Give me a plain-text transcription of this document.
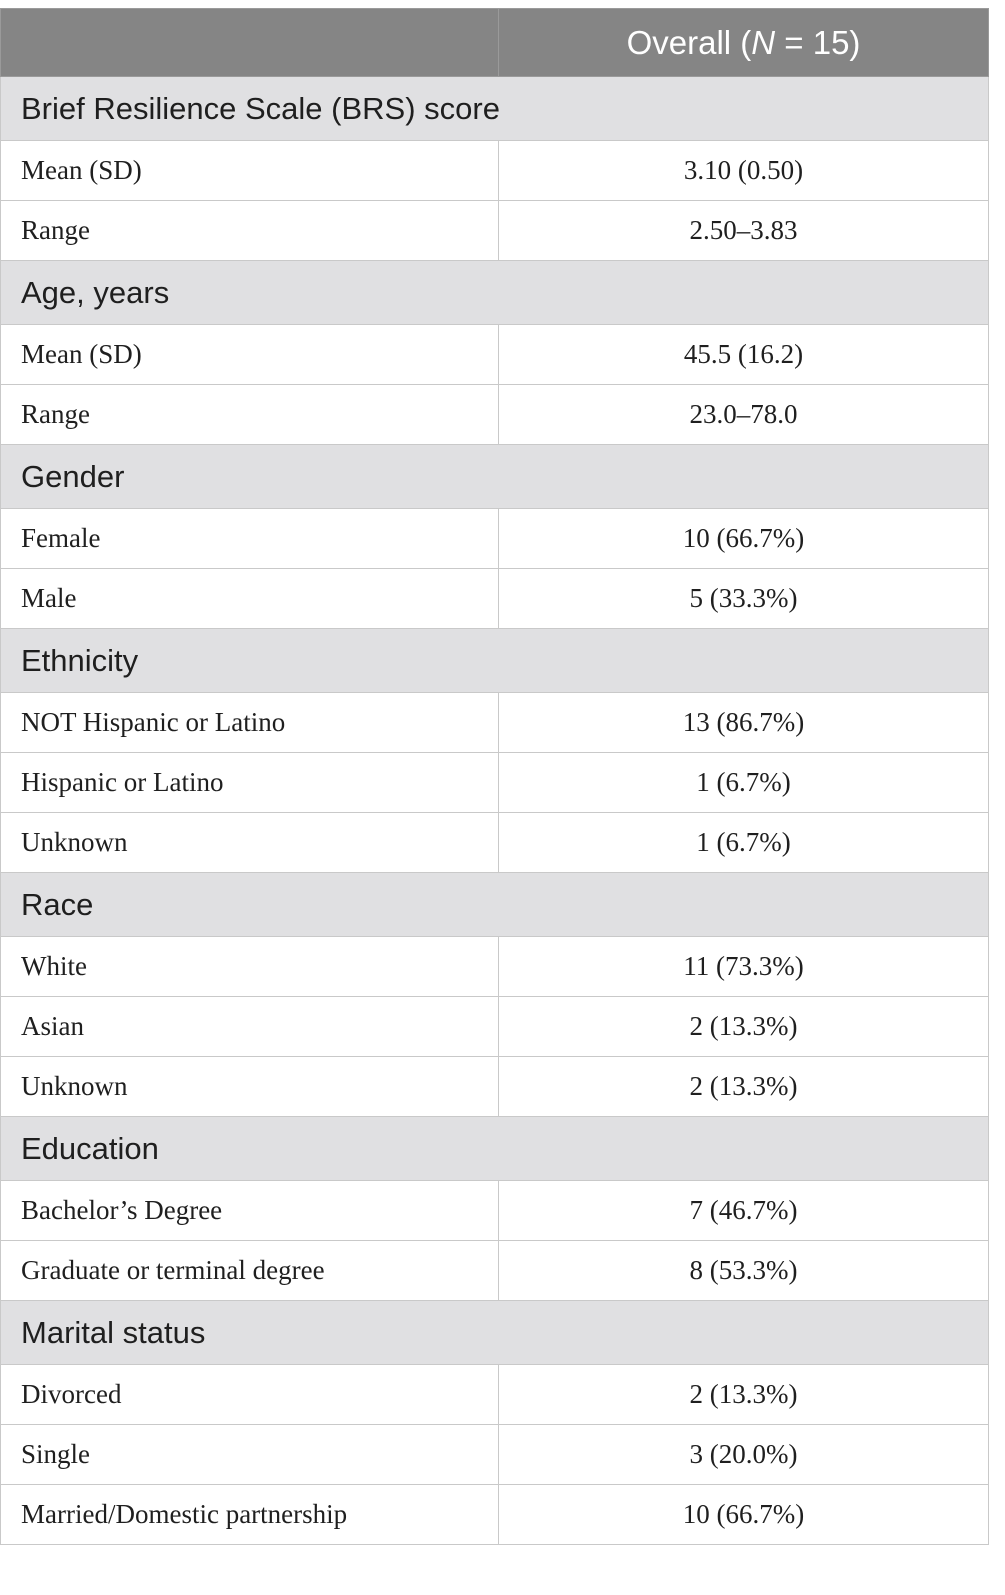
	Overall (N = 15)
Brief Resilience Scale (BRS) score	
Mean (SD)	3.10 (0.50)
Range	2.50–3.83
Age, years	
Mean (SD)	45.5 (16.2)
Range	23.0–78.0
Gender	
Female	10 (66.7%)
Male	5 (33.3%)
Ethnicity	
NOT Hispanic or Latino	13 (86.7%)
Hispanic or Latino	1 (6.7%)
Unknown	1 (6.7%)
Race	
White	11 (73.3%)
Asian	2 (13.3%)
Unknown	2 (13.3%)
Education	
Bachelor’s Degree	7 (46.7%)
Graduate or terminal degree	8 (53.3%)
Marital status	
Divorced	2 (13.3%)
Single	3 (20.0%)
Married/Domestic partnership	10 (66.7%)
